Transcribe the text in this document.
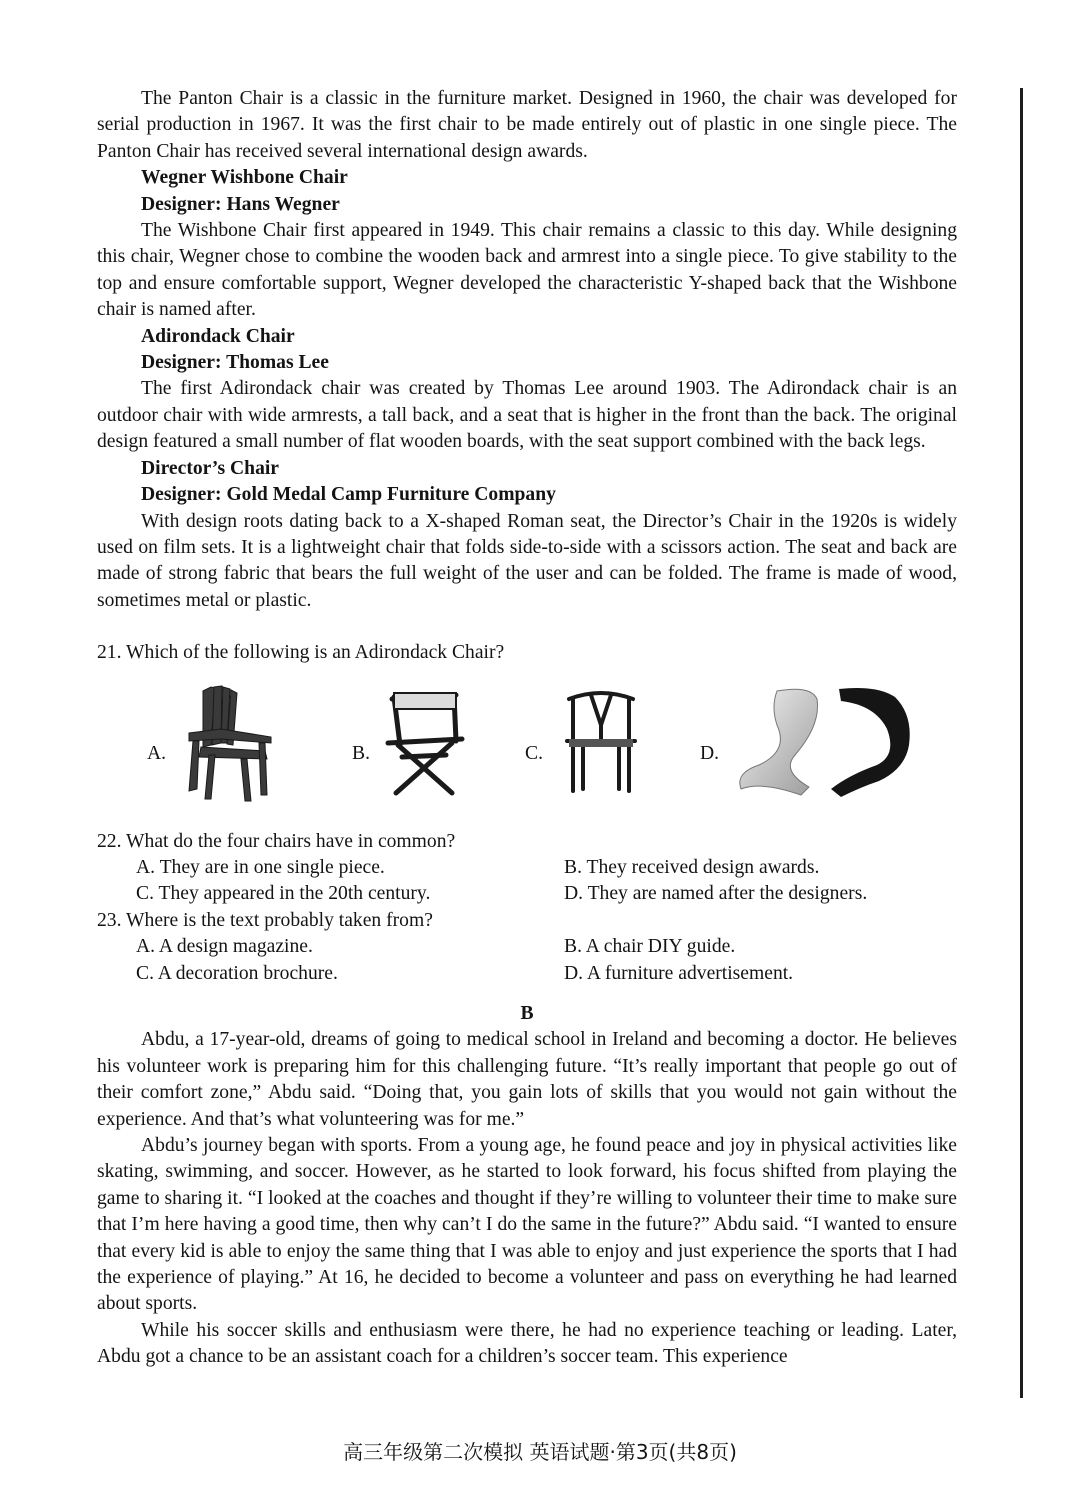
The Panton Chair is a classic in the furniture market. Designed in 1960, the chair was developed for serial production in 1967. It was the first chair to be made entirely out of plastic in one single piece. The Panton Chair has received several international design awards.

Wegner Wishbone Chair

Designer: Hans Wegner

The Wishbone Chair first appeared in 1949. This chair remains a classic to this day. While designing this chair, Wegner chose to combine the wooden back and armrest into a single piece. To give stability to the top and ensure comfortable support, Wegner developed the characteristic Y-shaped back that the Wishbone chair is named after.

Adirondack Chair

Designer: Thomas Lee

The first Adirondack chair was created by Thomas Lee around 1903. The Adirondack chair is an outdoor chair with wide armrests, a tall back, and a seat that is higher in the front than the back. The original design featured a small number of flat wooden boards, with the seat support combined with the back legs.

Director’s Chair

Designer: Gold Medal Camp Furniture Company

With design roots dating back to a X-shaped Roman seat, the Director’s Chair in the 1920s is widely used on film sets. It is a lightweight chair that folds side-to-side with a scissors action. The seat and back are made of strong fabric that bears the full weight of the user and can be folded. The frame is made of wood, sometimes metal or plastic.

21. Which of the following is an Adirondack Chair?

A.	B.	C.	D.

22. What do the four chairs have in common?

A. They are in one single piece.	B. They received design awards.
C. They appeared in the 20th century.	D. They are named after the designers.

23. Where is the text probably taken from?

A. A design magazine.	B. A chair DIY guide.
C. A decoration brochure.	D. A furniture advertisement.

B

Abdu, a 17-year-old, dreams of going to medical school in Ireland and becoming a doctor. He believes his volunteer work is preparing him for this challenging future. “It’s really important that people go out of their comfort zone,” Abdu said. “Doing that, you gain lots of skills that you would not gain without the experience. And that’s what volunteering was for me.”

Abdu’s journey began with sports. From a young age, he found peace and joy in physical activities like skating, swimming, and soccer. However, as he started to look forward, his focus shifted from playing the game to sharing it. “I looked at the coaches and thought if they’re willing to volunteer their time to make sure that I’m here having a good time, then why can’t I do the same in the future?” Abdu said. “I wanted to ensure that every kid is able to enjoy the same thing that I was able to enjoy and just experience the sports that I had the experience of playing.” At 16, he decided to become a volunteer and pass on everything he had learned about sports.

While his soccer skills and enthusiasm were there, he had no experience teaching or leading. Later, Abdu got a chance to be an assistant coach for a children’s soccer team. This experience

高三年级第二次模拟 英语试题·第3页(共8页)
